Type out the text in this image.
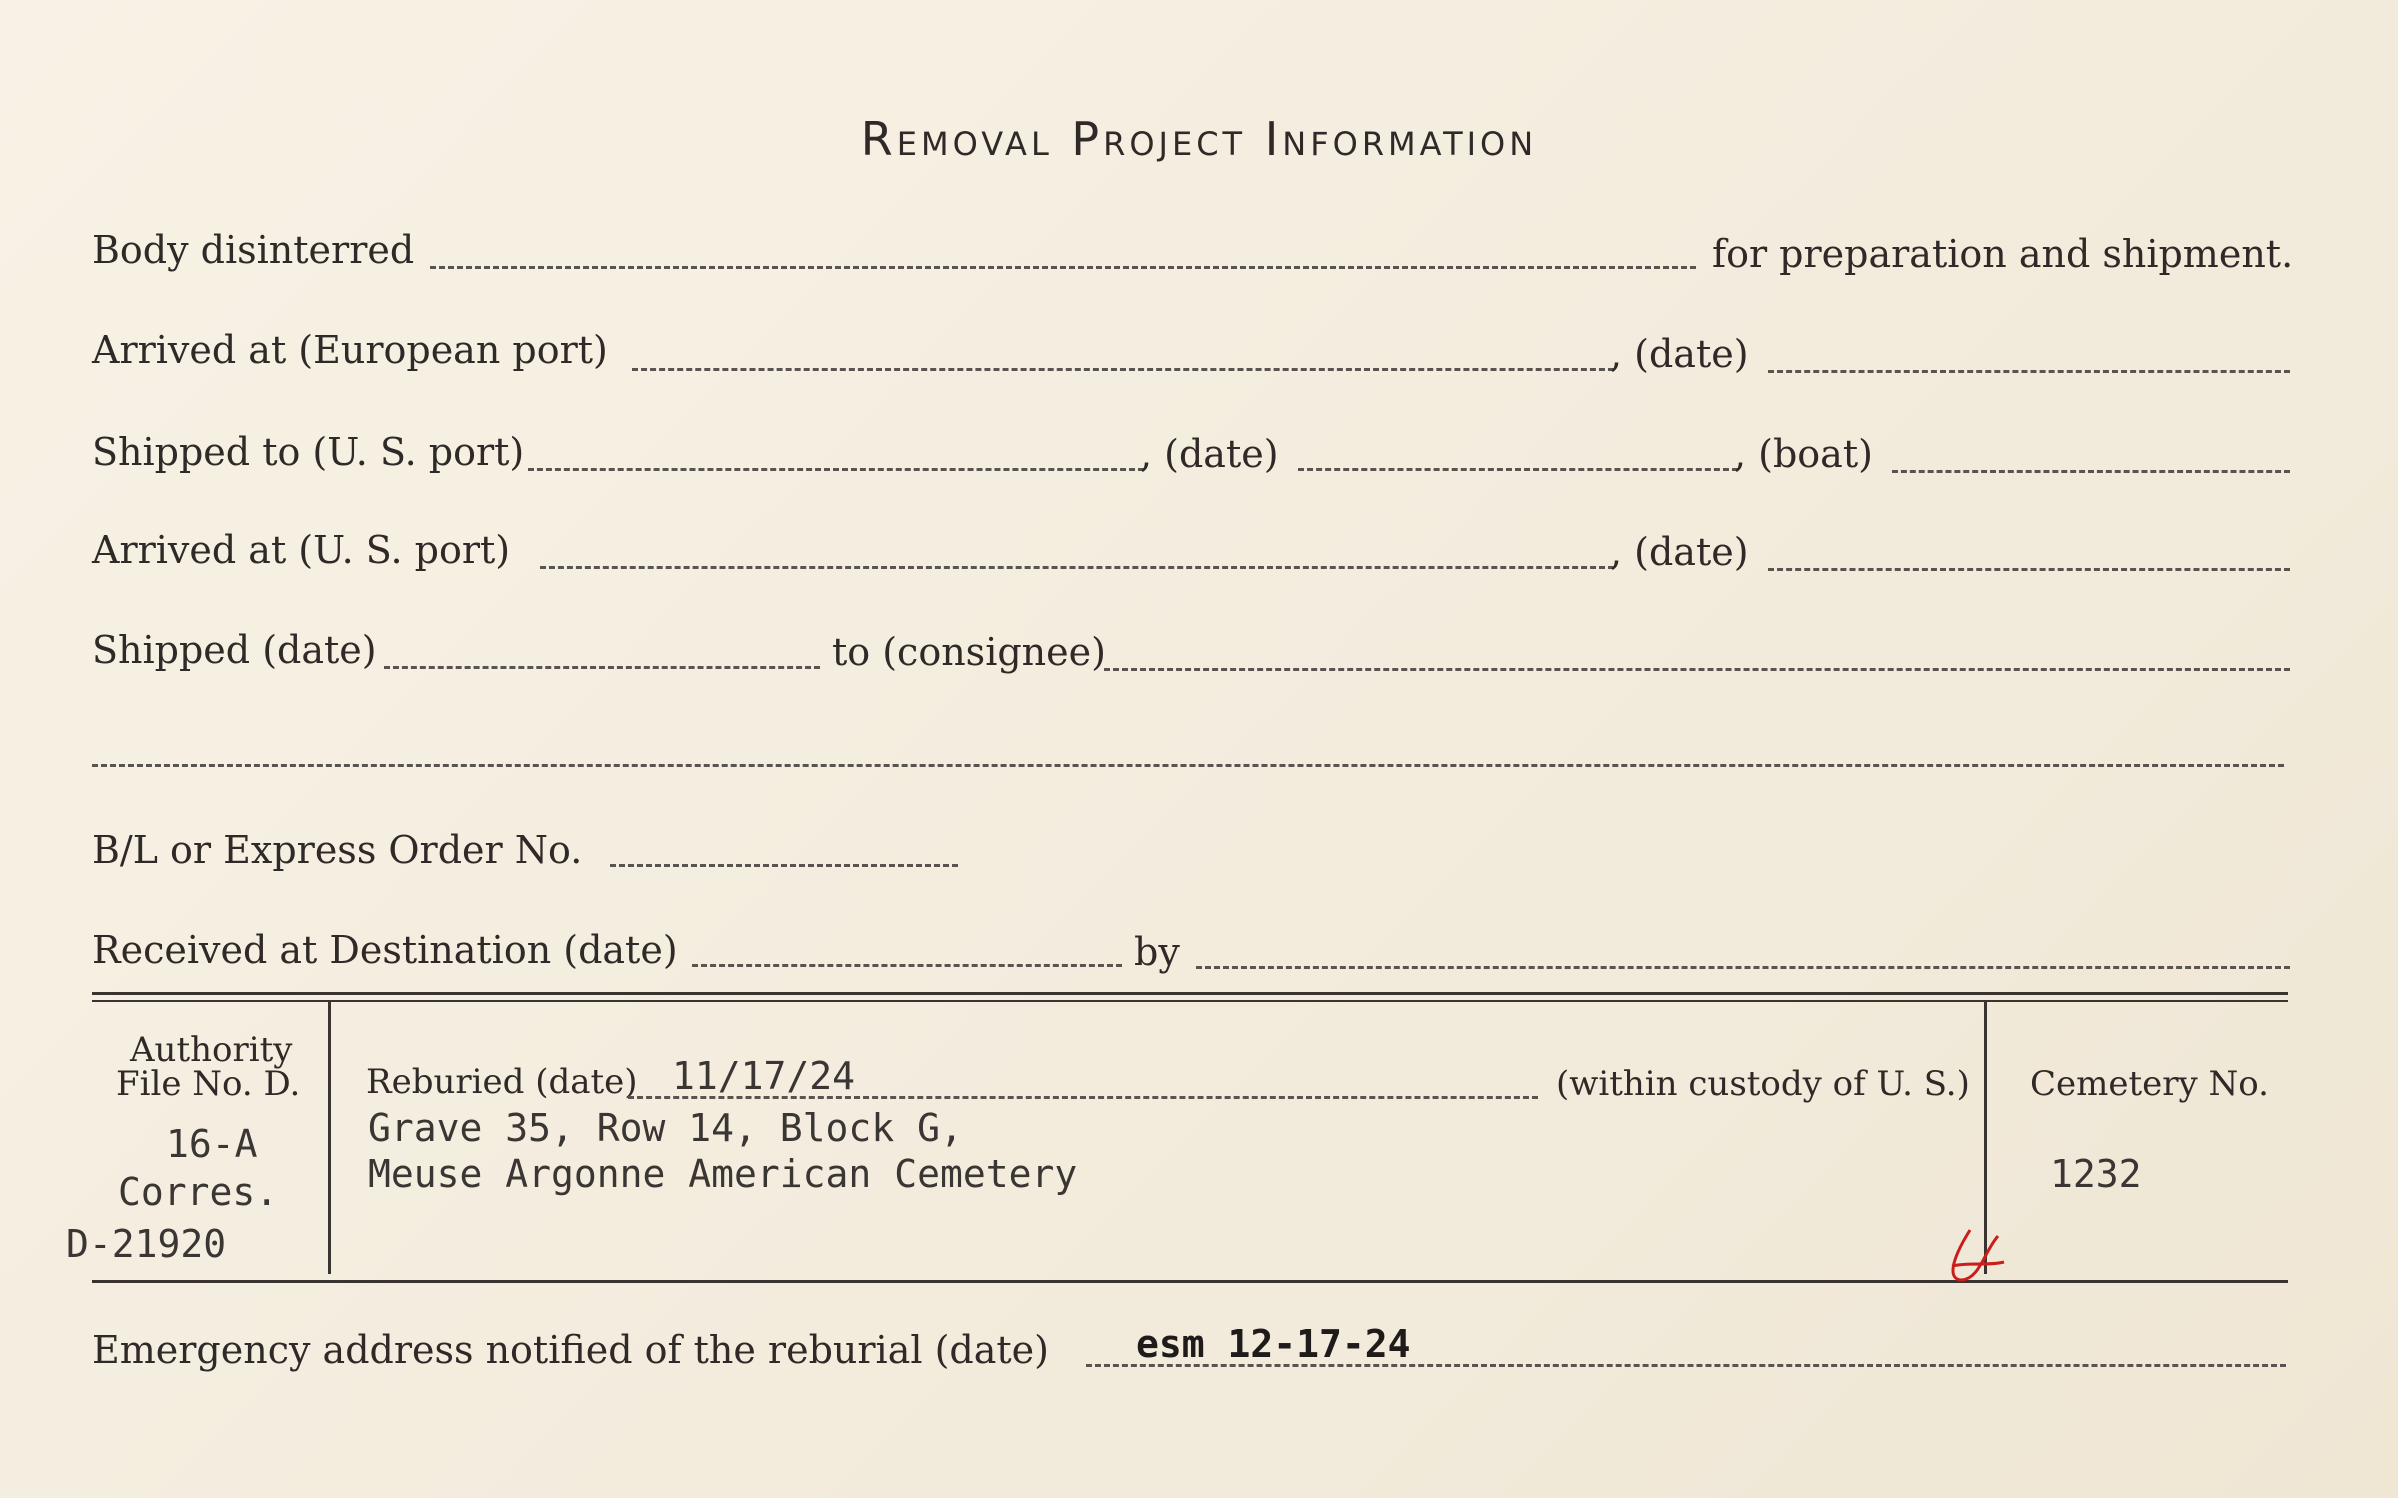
Removal Project Information
Body disinterred	for preparation and shipment.
Arrived at (European port)	, (date)
Shipped to (U. S. port)	, (date)	, (boat)
Arrived at (U. S. port)	, (date)
Shipped (date)	to (consignee)
B/L or Express Order No.
Received at Destination (date)	by
Authority
File No. D.
16-A
Corres.
D-21920
Reburied (date) 11/17/24	(within custody of U. S.)
Grave 35, Row 14, Block G,
Meuse Argonne American Cemetery
Cemetery No.
1232
Emergency address notified of the reburial (date) esm 12-17-24
